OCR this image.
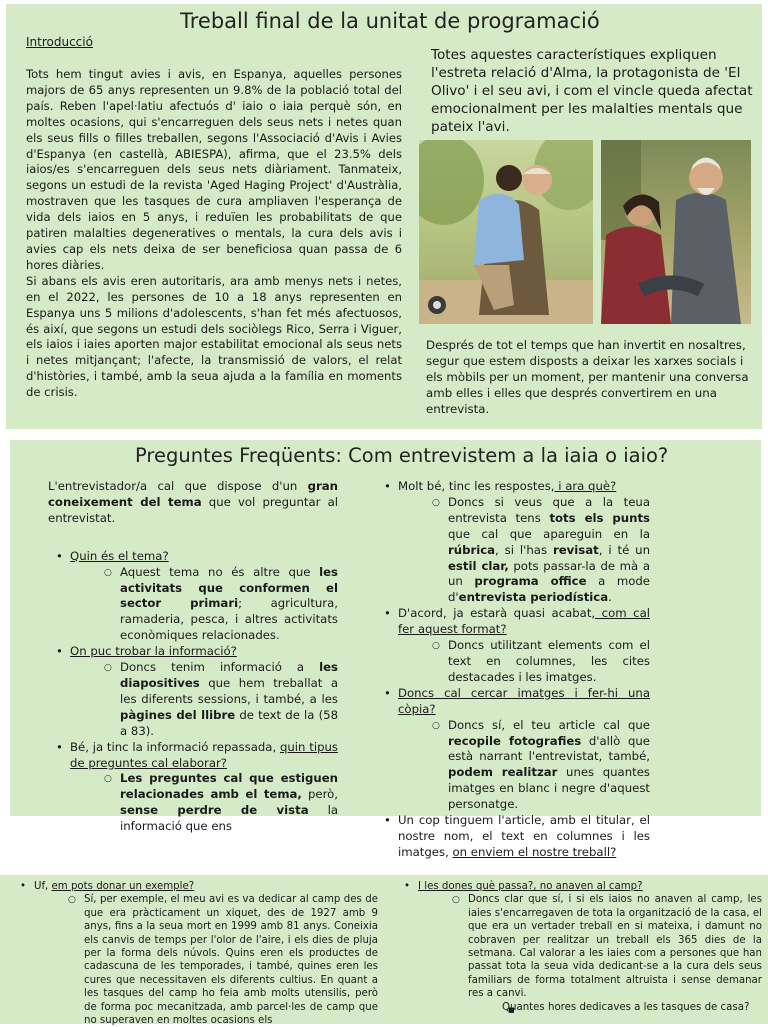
Treball final de la unitat de programació

Introducció

Tots hem tingut avies i avis, en Espanya, aquelles persones majors de 65 anys representen un 9.8% de la població total del país. Reben l'apel·latiu afectuós d' iaio o iaia perquè són, en moltes ocasions, qui s'encarreguen dels seus nets i netes quan els seus fills o filles treballen, segons l'Associació d'Avis i Avies d'Espanya (en castellà, ABIESPA), afirma, que el 23.5% dels iaios/es s'encarreguen dels seus nets diàriament. Tanmateix, segons un estudi de la revista 'Aged Haging Project' d'Austràlia, mostraven que les tasques de cura ampliaven l'esperança de vida dels iaios en 5 anys, i reduïen les probabilitats de que patiren malalties degeneratives o mentals, la cura dels avis i avies cap els nets deixa de ser beneficiosa quan passa de 6 hores diàries.

Si abans els avis eren autoritaris, ara amb menys nets i netes, en el 2022, les persones de 10 a 18 anys representen en Espanya uns 5 milions d'adolescents, s'han fet més afectuosos, és així, que segons un estudi dels sociòlegs Rico, Serra i Viguer, els iaios i iaies aporten major estabilitat emocional als seus nets i netes mitjançant; l'afecte, la transmissió de valors, el relat d'històries, i també, amb la seua ajuda a la família en moments de crisis.

Totes aquestes característiques expliquen l'estreta relació d'Alma, la protagonista de 'El Olivo' i el seu avi, i com el vincle queda afectat emocionalment per les malalties mentals que pateix l'avi.

Després de tot el temps que han invertit en nosaltres, segur que estem disposts a deixar les xarxes socials i els mòbils per un moment, per mantenir una conversa amb elles i elles que després convertirem en una entrevista.

Preguntes Freqüents: Com entrevistem a la iaia o iaio?

L'entrevistador/a cal que dispose d'un gran coneixement del tema que vol preguntar al entrevistat.

• Quin és el tema?
○ Aquest tema no és altre que les activitats que conformen el sector primari; agricultura, ramaderia, pesca, i altres activitats econòmiques relacionades.
• On puc trobar la informació?
○ Doncs tenim informació a les diapositives que hem treballat a les diferents sessions, i també, a les pàgines del llibre de text de la (58 a 83).
• Bé, ja tinc la informació repassada, quin tipus de preguntes cal elaborar?
○ Les preguntes cal que estiguen relacionades amb el tema, però, sense perdre de vista la informació que ens
• Molt bé, tinc les respostes, i ara què?
○ Doncs si veus que a la teua entrevista tens tots els punts que cal que apareguin en la rúbrica, si l'has revisat, i té un estil clar, pots passar-la de mà a un programa office a mode d'entrevista periodística.
• D'acord, ja estarà quasi acabat, com cal fer aquest format?
○ Doncs utilitzant elements com el text en columnes, les cites destacades i les imatges.
• Doncs cal cercar imatges i fer-hi una còpia?
○ Doncs sí, el teu article cal que recopile fotografies d'allò que està narrant l'entrevistat, també, podem realitzar unes quantes imatges en blanc i negre d'aquest personatge.
• Un cop tinguem l'article, amb el titular, el nostre nom, el text en columnes i les imatges, on enviem el nostre treball?
• Uf, em pots donar un exemple?
○ Sí, per exemple, el meu avi es va dedicar al camp des de que era pràcticament un xiquet, des de 1927 amb 9 anys, fins a la seua mort en 1999 amb 81 anys. Coneixia els canvis de temps per l'olor de l'aire, i els dies de pluja per la forma dels núvols. Quins eren els productes de cadascuna de les temporades, i també, quines eren les cures que necessitaven els diferents cultius. En quant a les tasques del camp ho feia amb molts utensilis, però de forma poc mecanitzada, amb parcel·les de camp que no superaven en moltes ocasions els
• I les dones què passa?, no anaven al camp?
○ Doncs clar que sí, i si els iaios no anaven al camp, les iaies s'encarregaven de tota la organització de la casa, el que era un vertader treball en si mateixa, i damunt no cobraven per realitzar un treball els 365 dies de la setmana. Cal valorar a les iaies com a persones que han passat tota la seua vida dedicant-se a la cura dels seus familiars de forma totalment altruista i sense demanar res a canvi.
■ Quantes hores dedicaves a les tasques de casa?
